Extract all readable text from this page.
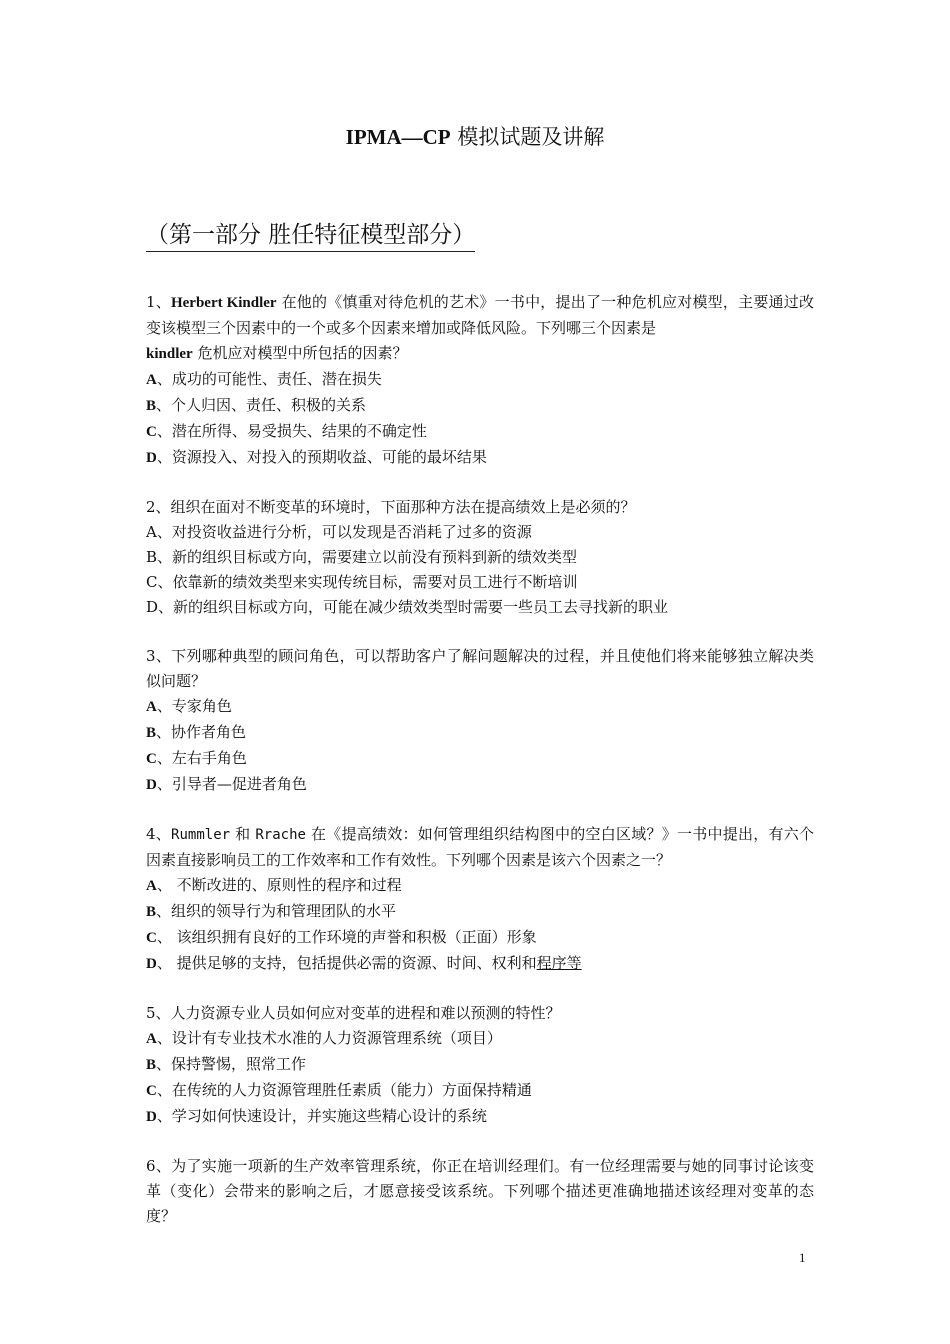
IPMA—CP 模拟试题及讲解
（第一部分 胜任特征模型部分）
1、Herbert Kindler 在他的《慎重对待危机的艺术》一书中，提出了一种危机应对模型，主要通过改变该模型三个因素中的一个或多个因素来增加或降低风险。下列哪三个因素是
kindler 危机应对模型中所包括的因素？
A、成功的可能性、责任、潜在损失
B、个人归因、责任、积极的关系
C、潜在所得、易受损失、结果的不确定性
D、资源投入、对投入的预期收益、可能的最坏结果
2、组织在面对不断变革的环境时，下面那种方法在提高绩效上是必须的？
A、对投资收益进行分析，可以发现是否消耗了过多的资源
B、新的组织目标或方向，需要建立以前没有预料到新的绩效类型
C、依靠新的绩效类型来实现传统目标，需要对员工进行不断培训
D、新的组织目标或方向，可能在减少绩效类型时需要一些员工去寻找新的职业
3、下列哪种典型的顾问角色，可以帮助客户了解问题解决的过程，并且使他们将来能够独立解决类似问题？
A、专家角色
B、协作者角色
C、左右手角色
D、引导者—促进者角色
4、Rummler 和 Rrache 在《提高绩效：如何管理组织结构图中的空白区域？》一书中提出，有六个因素直接影响员工的工作效率和工作有效性。下列哪个因素是该六个因素之一？
A、 不断改进的、原则性的程序和过程
B、组织的领导行为和管理团队的水平
C、 该组织拥有良好的工作环境的声誉和积极（正面）形象
D、 提供足够的支持，包括提供必需的资源、时间、权利和程序等
5、人力资源专业人员如何应对变革的进程和难以预测的特性？
A、设计有专业技术水准的人力资源管理系统（项目）
B、保持警惕，照常工作
C、在传统的人力资源管理胜任素质（能力）方面保持精通
D、学习如何快速设计，并实施这些精心设计的系统
6、为了实施一项新的生产效率管理系统，你正在培训经理们。有一位经理需要与她的同事讨论该变革（变化）会带来的影响之后，才愿意接受该系统。下列哪个描述更准确地描述该经理对变革的态度？
1
